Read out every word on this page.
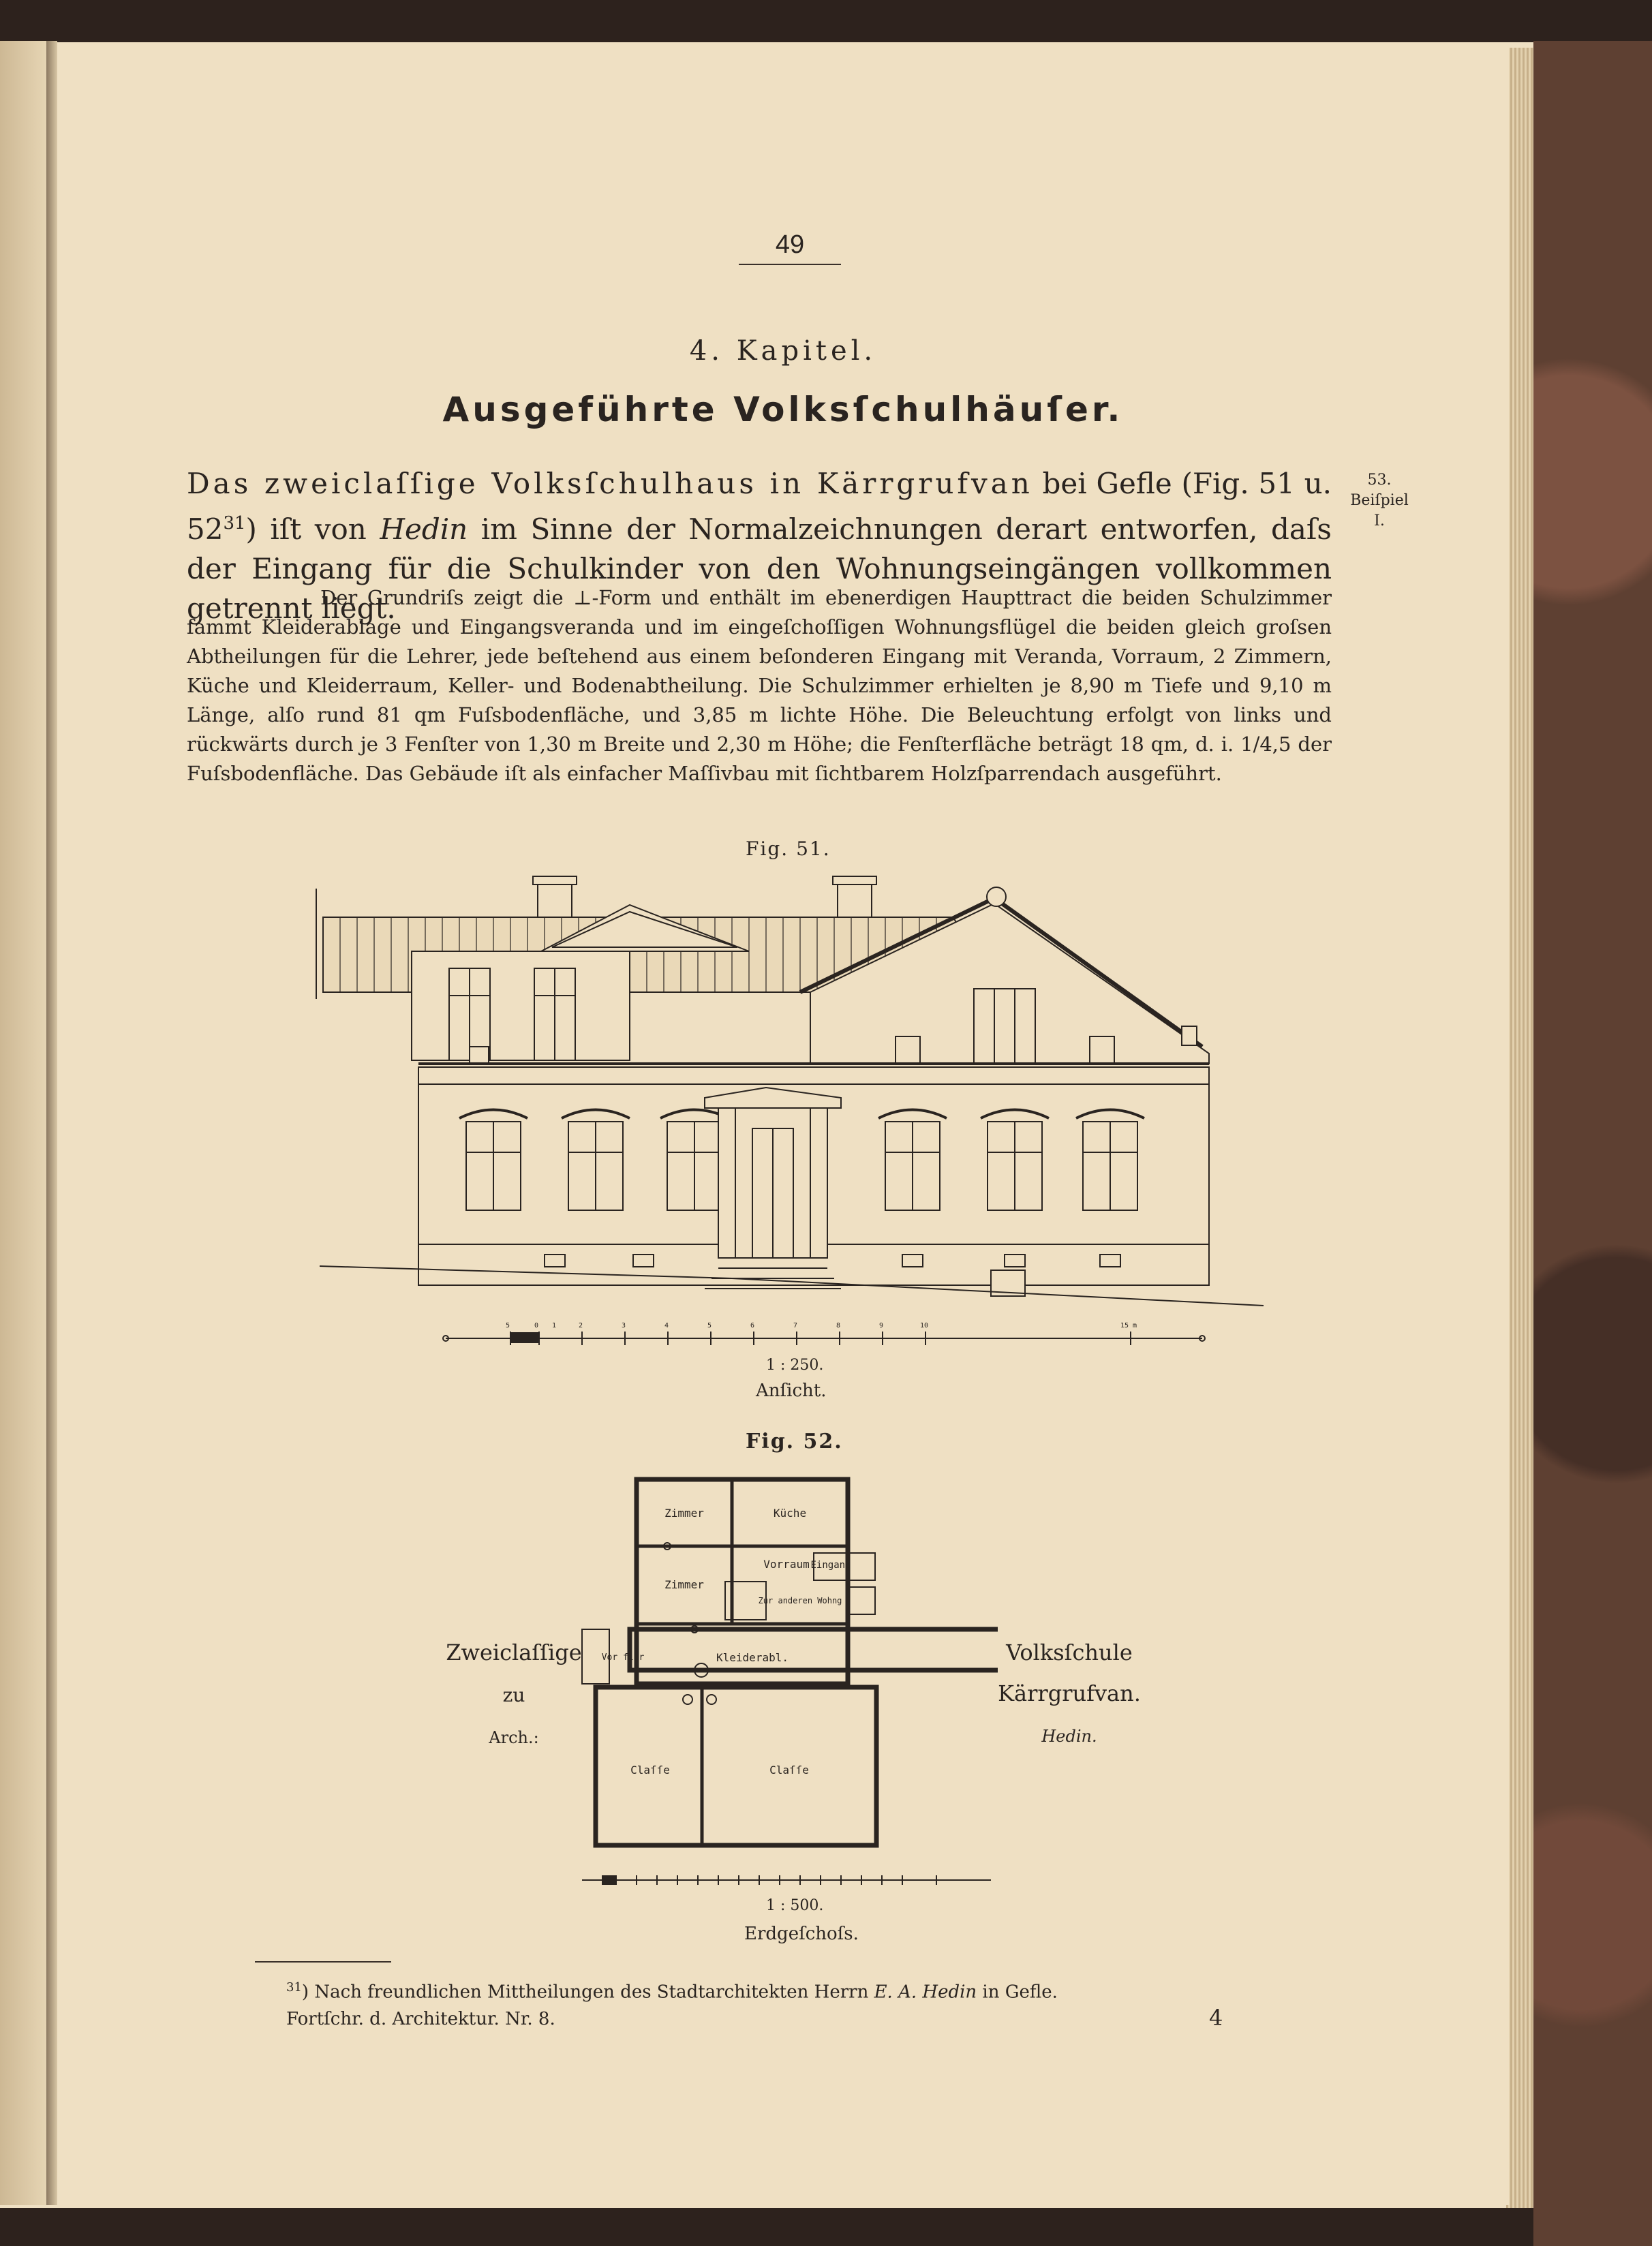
49
4. Kapitel.
Ausgeführte Volksſchulhäuſer.
Das zweiclaſſige Volksſchulhaus in Kärrgrufvan bei Gefle (Fig. 51 u. $52^{31}$) iſt von Hedin im Sinne der Normalzeichnungen derart entworfen, daſs der Eingang für die Schulkinder von den Wohnungseingängen vollkommen getrennt liegt.
53.
Beiſpiel
I.
Der Grundriſs zeigt die ⊥-Form und enthält im ebenerdigen Haupttract die beiden Schulzimmer ſammt Kleiderablage und Eingangsveranda und im eingeſchoſſigen Wohnungsflügel die beiden gleich groſsen Abtheilungen für die Lehrer, jede beſtehend aus einem beſonderen Eingang mit Veranda, Vorraum, 2 Zimmern, Küche und Kleiderraum, Keller- und Bodenabtheilung. Die Schulzimmer erhielten je 8,90 m Tiefe und 9,10 m Länge, alſo rund 81 qm Fuſsbodenfläche, und 3,85 m lichte Höhe. Die Beleuchtung erfolgt von links und rückwärts durch je 3 Fenſter von 1,30 m Breite und 2,30 m Höhe; die Fenſterfläche beträgt 18 qm, d. i. 1/4,5 der Fuſsbodenfläche. Das Gebäude iſt als einfacher Maſſivbau mit ſichtbarem Holzſparrendach ausgeführt.
Fig. 51.
5	0 1	2	3	4	5	6	7	8	9	10	15 m
1 : 250.
Anſicht.
Fig. 52.
Zweiclaſſige
zu
Arch.:
Volksſchule
Kärrgrufvan.
Hedin.
Zimmer	Küche
Zimmer
Vorraum Eingang
Zur anderen Wohng
Vor flur	Kleiderabl.
Claſſe	Claſſe
1 : 500.
Erdgeſchoſs.
$^{31}$) Nach freundlichen Mittheilungen des Stadtarchitekten Herrn E. A. Hedin in Gefle.
Fortſchr. d. Architektur. Nr. 8.	4
